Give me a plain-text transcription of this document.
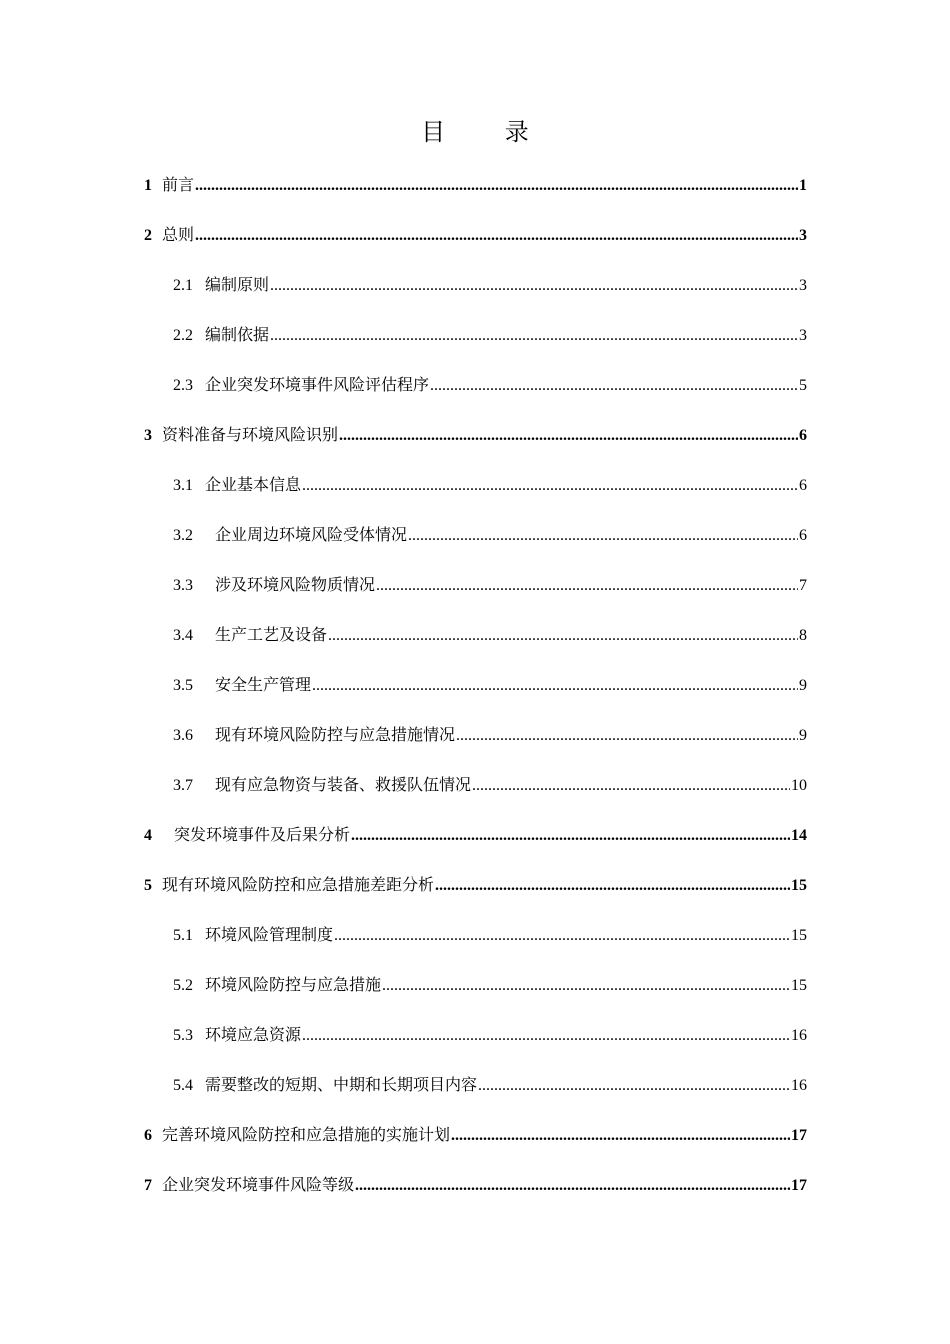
目 录
1 前言 .....	1
2 总则 .....	3
2.1 编制原则 .....	3
2.2 编制依据 .....	3
2.3 企业突发环境事件风险评估程序 .....	5
3 资料准备与环境风险识别 .....	6
3.1 企业基本信息 .....	6
3.2 企业周边环境风险受体情况 .....	6
3.3 涉及环境风险物质情况 .....	7
3.4 生产工艺及设备 .....	8
3.5 安全生产管理 .....	9
3.6 现有环境风险防控与应急措施情况 .....	9
3.7 现有应急物资与装备、救援队伍情况 .....	10
4 突发环境事件及后果分析 .....	14
5 现有环境风险防控和应急措施差距分析 .....	15
5.1 环境风险管理制度 .....	15
5.2 环境风险防控与应急措施 .....	15
5.3 环境应急资源 .....	16
5.4 需要整改的短期、中期和长期项目内容 .....	16
6 完善环境风险防控和应急措施的实施计划 .....	17
7 企业突发环境事件风险等级 .....	17
